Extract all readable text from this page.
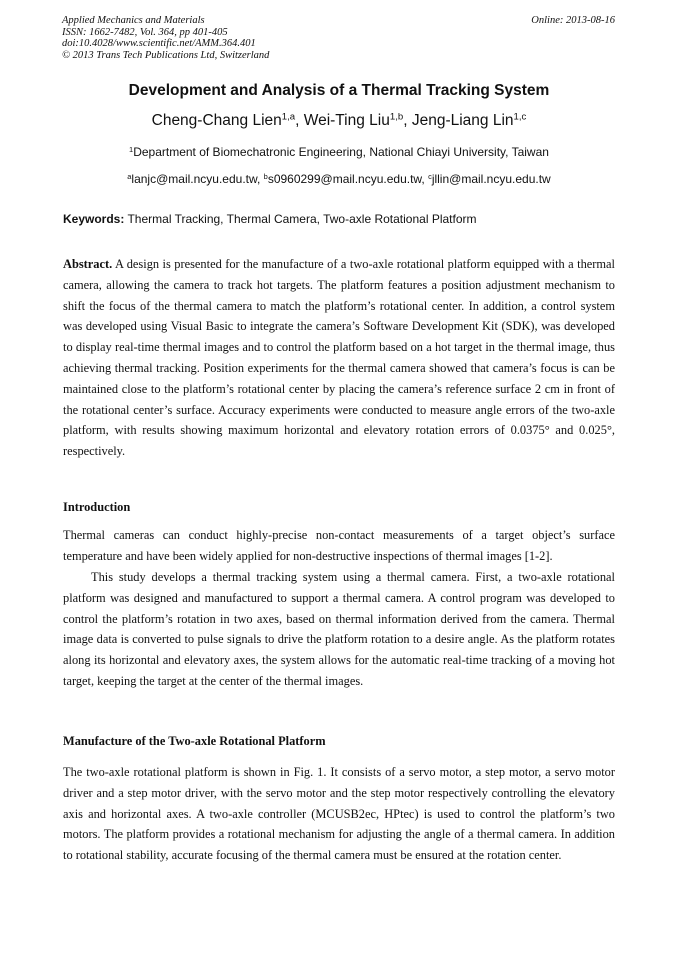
Applied Mechanics and Materials
ISSN: 1662-7482, Vol. 364, pp 401-405
doi:10.4028/www.scientific.net/AMM.364.401
© 2013 Trans Tech Publications Ltd, Switzerland
Online: 2013-08-16
Development and Analysis of a Thermal Tracking System
Cheng-Chang Lien$^{1,a}$, Wei-Ting Liu$^{1,b}$, Jeng-Liang Lin$^{1,c}$
$^1$Department of Biomechatronic Engineering, National Chiayi University, Taiwan
$^a$lanjc@mail.ncyu.edu.tw, $^b$s0960299@mail.ncyu.edu.tw, $^c$jllin@mail.ncyu.edu.tw
Keywords: Thermal Tracking, Thermal Camera, Two-axle Rotational Platform
Abstract. A design is presented for the manufacture of a two-axle rotational platform equipped with a thermal camera, allowing the camera to track hot targets. The platform features a position adjustment mechanism to shift the focus of the thermal camera to match the platform’s rotational center. In addition, a control system was developed using Visual Basic to integrate the camera’s Software Development Kit (SDK), was developed to display real-time thermal images and to control the platform based on a hot target in the thermal image, thus achieving thermal tracking. Position experiments for the thermal camera showed that camera’s focus is can be maintained close to the platform’s rotational center by placing the camera’s reference surface 2 cm in front of the rotational center’s surface. Accuracy experiments were conducted to measure angle errors of the two-axle platform, with results showing maximum horizontal and elevatory rotation errors of 0.0375° and 0.025°, respectively.
Introduction
Thermal cameras can conduct highly-precise non-contact measurements of a target object’s surface temperature and have been widely applied for non-destructive inspections of thermal images [1-2].
This study develops a thermal tracking system using a thermal camera. First, a two-axle rotational platform was designed and manufactured to support a thermal camera. A control program was developed to control the platform’s rotation in two axes, based on thermal information derived from the camera. Thermal image data is converted to pulse signals to drive the platform rotation to a desire angle. As the platform rotates along its horizontal and elevatory axes, the system allows for the automatic real-time tracking of a moving hot target, keeping the target at the center of the thermal images.
Manufacture of the Two-axle Rotational Platform
The two-axle rotational platform is shown in Fig. 1. It consists of a servo motor, a step motor, a servo motor driver and a step motor driver, with the servo motor and the step motor respectively controlling the elevatory axis and horizontal axes. A two-axle controller (MCUSB2ec, HPtec) is used to control the platform’s two motors. The platform provides a rotational mechanism for adjusting the angle of a thermal camera. In addition to rotational stability, accurate focusing of the thermal camera must be ensured at the rotation center.
